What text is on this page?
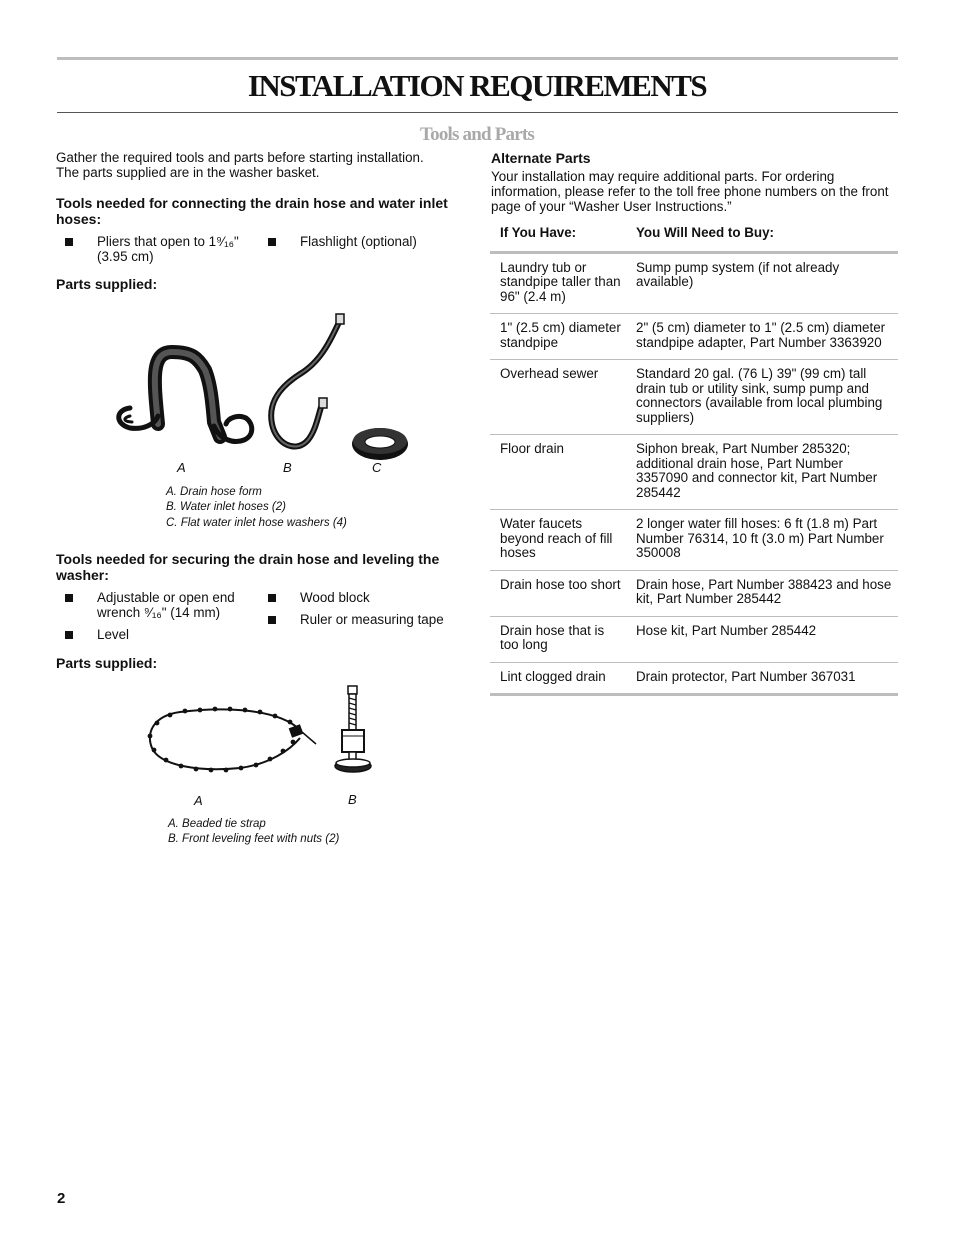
INSTALLATION REQUIREMENTS
Tools and Parts
Gather the required tools and parts before starting installation. The parts supplied are in the washer basket.
Tools needed for connecting the drain hose and water inlet hoses:
Pliers that open to 1⁹⁄₁₆" (3.95 cm)
Flashlight (optional)
Parts supplied:
A	B	C
A. Drain hose form
B. Water inlet hoses (2)
C. Flat water inlet hose washers (4)
Tools needed for securing the drain hose and leveling the washer:
Adjustable or open end wrench ⁹⁄₁₆" (14 mm)
Level
Wood block
Ruler or measuring tape
Parts supplied:
A	B
A. Beaded tie strap
B. Front leveling feet with nuts (2)
Alternate Parts
Your installation may require additional parts. For ordering information, please refer to the toll free phone numbers on the front page of your “Washer User Instructions.”
If You Have:	You Will Need to Buy:
Laundry tub or standpipe taller than 96" (2.4 m)	Sump pump system (if not already available)
1" (2.5 cm) diameter standpipe	2" (5 cm) diameter to 1" (2.5 cm) diameter standpipe adapter, Part Number 3363920
Overhead sewer	Standard 20 gal. (76 L) 39" (99 cm) tall drain tub or utility sink, sump pump and connectors (available from local plumbing suppliers)
Floor drain	Siphon break, Part Number 285320; additional drain hose, Part Number 3357090 and connector kit, Part Number 285442
Water faucets beyond reach of fill hoses	2 longer water fill hoses: 6 ft (1.8 m) Part Number 76314, 10 ft (3.0 m) Part Number 350008
Drain hose too short	Drain hose, Part Number 388423 and hose kit, Part Number 285442
Drain hose that is too long	Hose kit, Part Number 285442
Lint clogged drain	Drain protector, Part Number 367031
2
